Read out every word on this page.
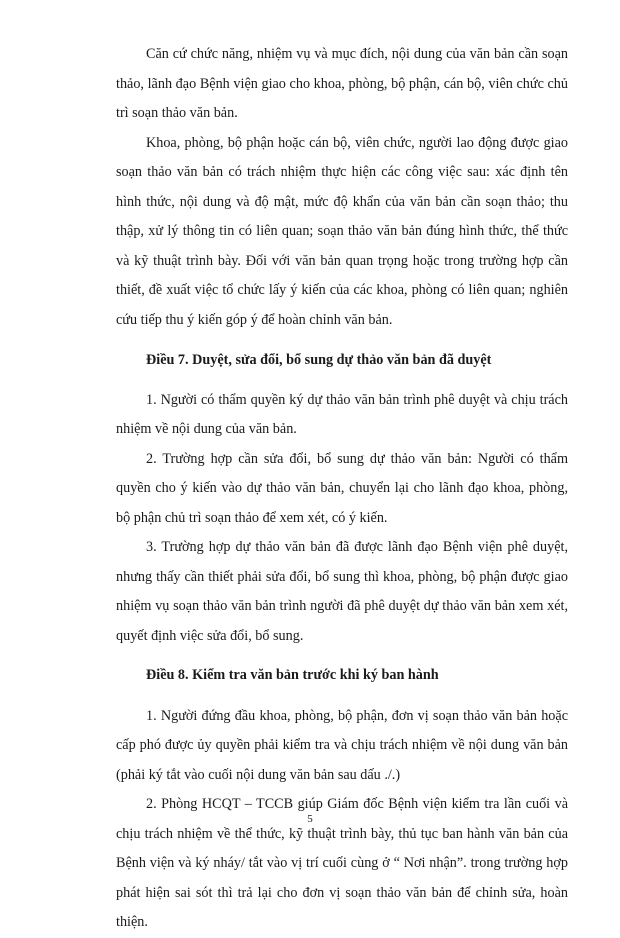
Căn cứ chức năng, nhiệm vụ và mục đích, nội dung của văn bản cần soạn thảo, lãnh đạo Bệnh viện giao cho khoa, phòng, bộ phận, cán bộ, viên chức chủ trì soạn thảo văn bản.

Khoa, phòng, bộ phận hoặc cán bộ, viên chức, người lao động được giao soạn thảo văn bản có trách nhiệm thực hiện các công việc sau: xác định tên hình thức, nội dung và độ mật, mức độ khẩn của văn bản cần soạn thảo; thu thập, xử lý thông tin có liên quan; soạn thảo văn bản đúng hình thức, thể thức và kỹ thuật trình bày. Đối với văn bản quan trọng hoặc trong trường hợp cần thiết, đề xuất việc tổ chức lấy ý kiến của các khoa, phòng có liên quan; nghiên cứu tiếp thu ý kiến góp ý để hoàn chỉnh văn bản.

Điều 7. Duyệt, sửa đổi, bổ sung dự thảo văn bản đã duyệt

1. Người có thẩm quyền ký dự thảo văn bản trình phê duyệt và chịu trách nhiệm về nội dung của văn bản.

2. Trường hợp cần sửa đổi, bổ sung dự thảo văn bản: Người có thẩm quyền cho ý kiến vào dự thảo văn bản, chuyển lại cho lãnh đạo khoa, phòng, bộ phận chủ trì soạn thảo để xem xét, có ý kiến.

3. Trường hợp dự thảo văn bản đã được lãnh đạo Bệnh viện phê duyệt, nhưng thấy cần thiết phải sửa đổi, bổ sung thì khoa, phòng, bộ phận được giao nhiệm vụ soạn thảo văn bản trình người đã phê duyệt dự thảo văn bản xem xét, quyết định việc sửa đổi, bổ sung.

Điều 8. Kiểm tra văn bản trước khi ký ban hành

1. Người đứng đầu khoa, phòng, bộ phận, đơn vị soạn thảo văn bản hoặc cấp phó được ủy quyền phải kiểm tra và chịu trách nhiệm về nội dung văn bản (phải ký tắt vào cuối nội dung văn bản sau dấu ./.)

2. Phòng HCQT – TCCB giúp Giám đốc Bệnh viện kiểm tra lần cuối và chịu trách nhiệm về thể thức, kỹ thuật trình bày, thủ tục ban hành văn bản của Bệnh viện và ký nháy/ tắt vào vị trí cuối cùng ở “ Nơi nhận”. trong trường hợp phát hiện sai sót thì trả lại cho đơn vị soạn thảo văn bản để chỉnh sửa, hoàn thiện.

5
